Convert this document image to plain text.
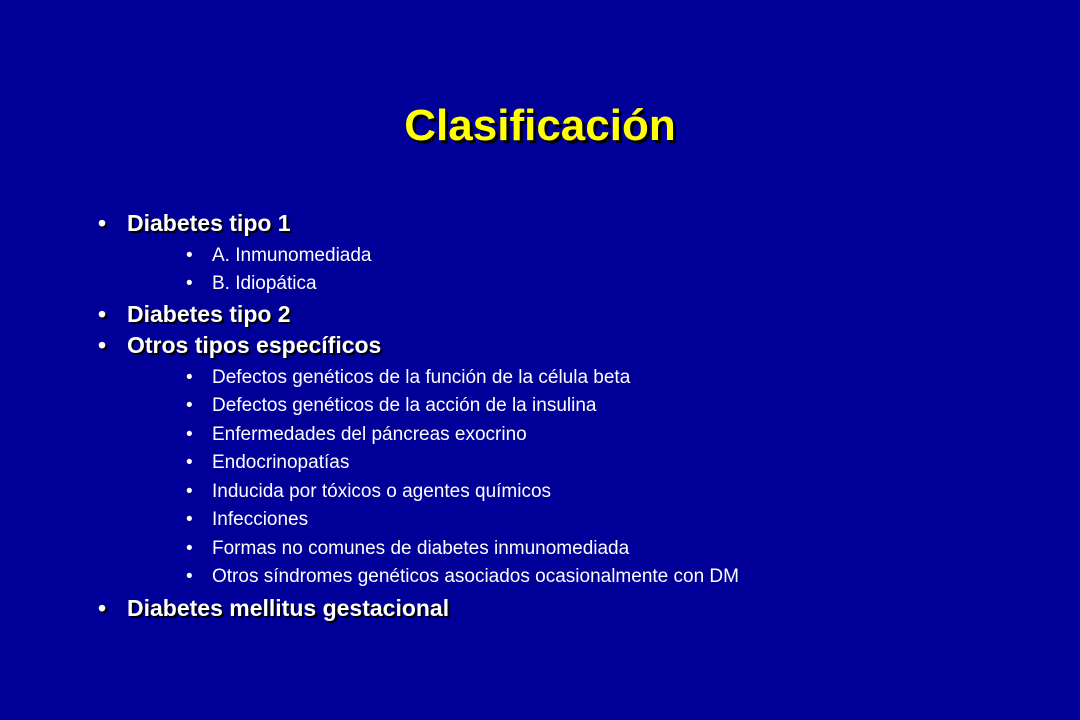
Clasificación
• Diabetes tipo 1
• A. Inmunomediada
• B. Idiopática
• Diabetes tipo 2
• Otros tipos específicos
• Defectos genéticos de la función de la célula beta
• Defectos genéticos de la acción de la insulina
• Enfermedades del páncreas exocrino
• Endocrinopatías
• Inducida por tóxicos o agentes químicos
• Infecciones
• Formas no comunes de diabetes inmunomediada
• Otros síndromes genéticos asociados ocasionalmente con DM
• Diabetes mellitus gestacional
